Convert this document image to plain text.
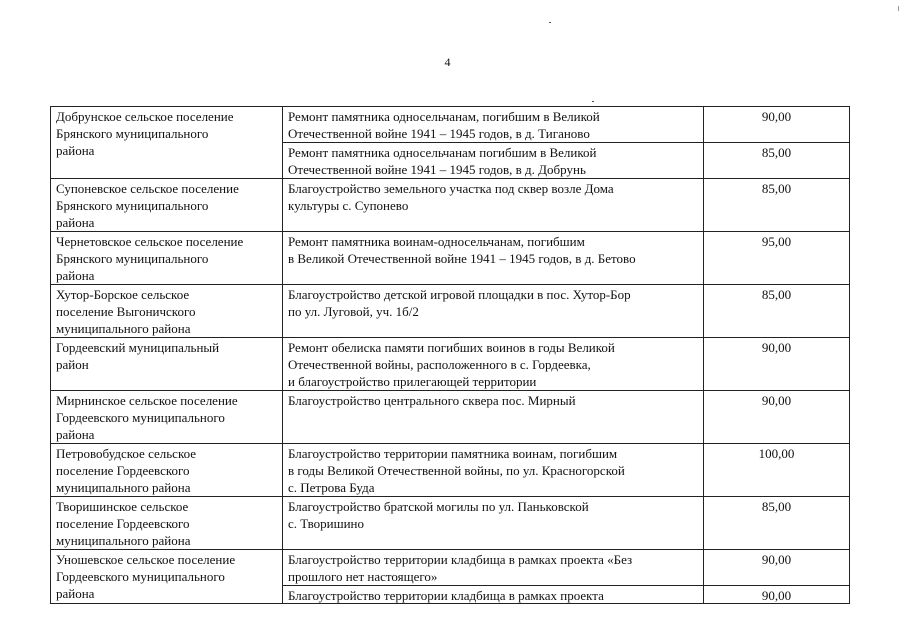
4
Добрунское сельское поселение
Брянского муниципального
района	Ремонт памятника односельчанам, погибшим в Великой
Отечественной войне 1941 – 1945 годов, в д. Тиганово	90,00
	Ремонт памятника односельчанам погибшим в Великой
Отечественной войне 1941 – 1945 годов, в д. Добрунь	85,00
Супоневское сельское поселение
Брянского муниципального
района	Благоустройство земельного участка под сквер возле Дома
культуры с. Супонево	85,00
Чернетовское сельское поселение
Брянского муниципального
района	Ремонт памятника воинам-односельчанам, погибшим
в Великой Отечественной войне 1941 – 1945 годов, в д. Бетово	95,00
Хутор-Борское сельское
поселение Выгоничского
муниципального района	Благоустройство детской игровой площадки в пос. Хутор-Бор
по ул. Луговой, уч. 1б/2	85,00
Гордеевский муниципальный
район	Ремонт обелиска памяти погибших воинов в годы Великой
Отечественной войны, расположенного в с. Гордеевка,
и благоустройство прилегающей территории	90,00
Мирнинское сельское поселение
Гордеевского муниципального
района	Благоустройство центрального сквера пос. Мирный	90,00
Петровобудское сельское
поселение Гордеевского
муниципального района	Благоустройство территории памятника воинам, погибшим
в годы Великой Отечественной войны, по ул. Красногорской
с. Петрова Буда	100,00
Творишинское сельское
поселение Гордеевского
муниципального района	Благоустройство братской могилы по ул. Паньковской
с. Творишино	85,00
Уношевское сельское поселение
Гордеевского муниципального
района	Благоустройство территории кладбища в рамках проекта «Без
прошлого нет настоящего»	90,00

	Благоустройство территории кладбища в рамках проекта	90,00
